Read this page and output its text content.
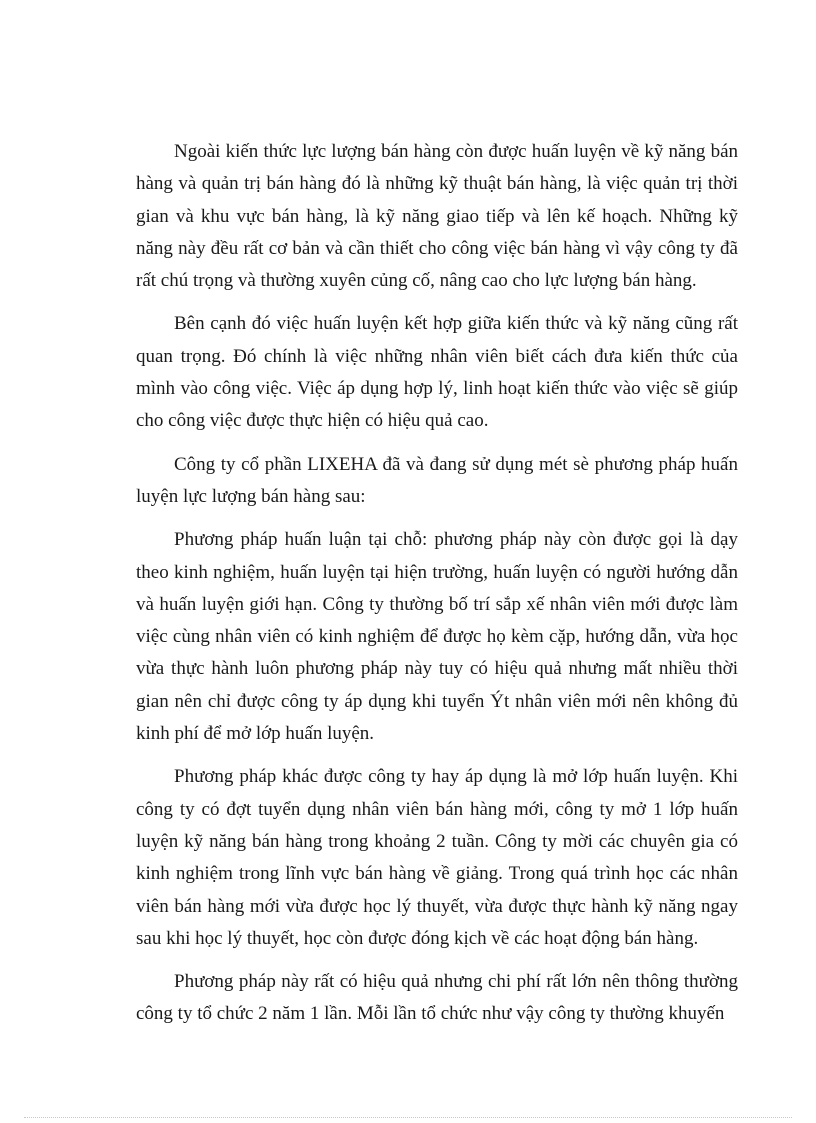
Ngoài kiến thức lực lượng bán hàng còn được huấn luyện về kỹ năng bán hàng và quản trị bán hàng đó là những kỹ thuật bán hàng, là việc quản trị thời gian và khu vực bán hàng, là kỹ năng giao tiếp và lên kế hoạch. Những kỹ năng này đều rất cơ bản và cần thiết cho công việc bán hàng vì vậy công ty đã rất chú trọng và thường xuyên củng cố, nâng cao cho lực lượng bán hàng.

Bên cạnh đó việc huấn luyện kết hợp giữa kiến thức và kỹ năng cũng rất quan trọng. Đó chính là việc những nhân viên biết cách đưa kiến thức của mình vào công việc. Việc áp dụng hợp lý, linh hoạt kiến thức vào việc sẽ giúp cho công việc được thực hiện có hiệu quả cao.

Công ty cổ phần LIXEHA đã và đang sử dụng mét sè phương pháp huấn luyện lực lượng bán hàng sau:

Phương pháp huấn luận tại chỗ: phương pháp này còn được gọi là dạy theo kinh nghiệm, huấn luyện tại hiện trường, huấn luyện có người hướng dẫn và huấn luyện giới hạn. Công ty thường bố trí sắp xế nhân viên mới được làm việc cùng nhân viên có kinh nghiệm để được họ kèm cặp, hướng dẫn, vừa học vừa thực hành luôn phương pháp này tuy có hiệu quả nhưng mất nhiều thời gian nên chỉ được công ty áp dụng khi tuyển Ýt nhân viên mới nên không đủ kinh phí để mở lớp huấn luyện.

Phương pháp khác được công ty hay áp dụng là mở lớp huấn luyện. Khi công ty có đợt tuyển dụng nhân viên bán hàng mới, công ty mở 1 lớp huấn luyện kỹ năng bán hàng trong khoảng 2 tuần. Công ty mời các chuyên gia có kinh nghiệm trong lĩnh vực bán hàng về giảng. Trong quá trình học các nhân viên bán hàng mới vừa được học lý thuyết, vừa được thực hành kỹ năng ngay sau khi học lý thuyết, học còn được đóng kịch về các hoạt động bán hàng.

Phương pháp này rất có hiệu quả nhưng chi phí rất lớn nên thông thường công ty tổ chức 2 năm 1 lần. Mỗi lần tổ chức như vậy công ty thường khuyến
